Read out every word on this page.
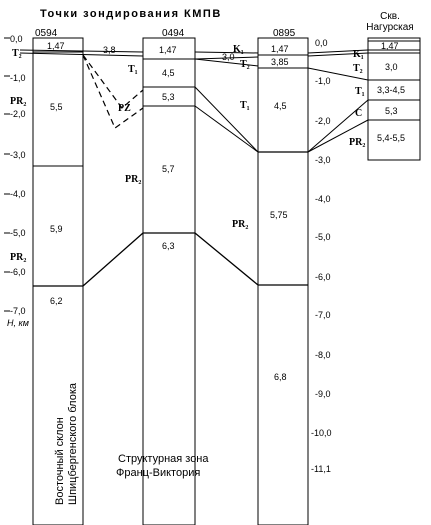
Точки зондирования КМПВ
0594	0494	0895
Скв.
Нагурская
0,0
-1,0
-2,0
-3,0
-4,0
-5,0
-6,0
-7,0
H, км
0,0
-1,0
-2,0
-3,0
-4,0
-5,0
-6,0
-7,0
-8,0
-9,0
-10,0
-11,1
1,47
5,5
5,9
6,2
1,47
4,5
5,3
5,7
6,3
1,47
3,85
4,5
5,75
6,8
1,47
3,0
3,3-4,5
5,3
5,4-5,5
3,8
3,0
T₂
PR₂
PR₂
PZ
T₁
PR₂
K₁
T₂
T₁
PR₂
K₁
T₂
T₁
C
PR₂
Восточный склон Шпицбергенского блока	Структурная зона
Франц-Виктория
